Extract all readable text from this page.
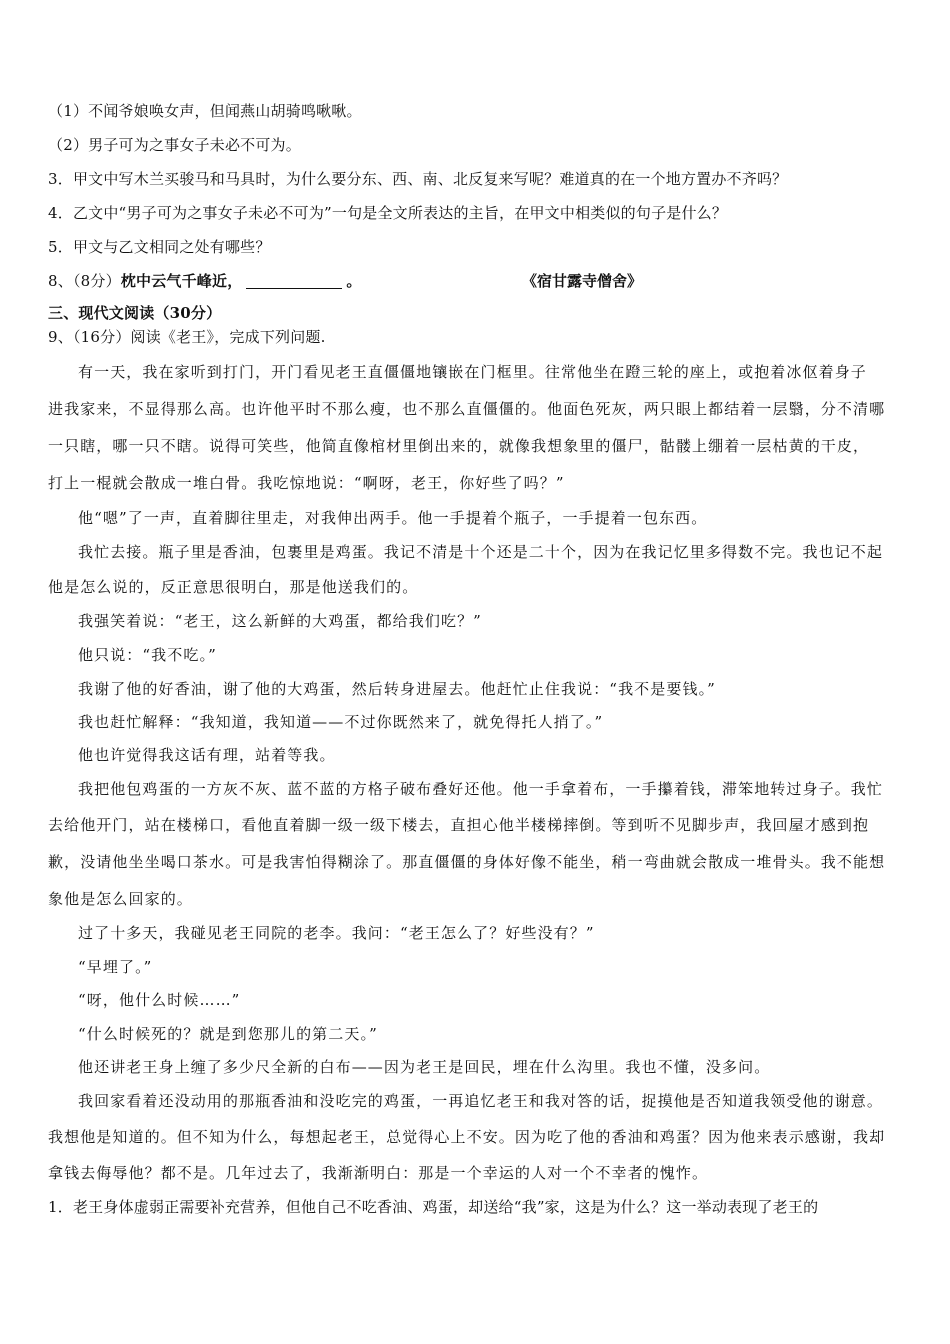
（1）不闻爷娘唤女声，但闻燕山胡骑鸣啾啾。
（2）男子可为之事女子未必不可为。
3．甲文中写木兰买骏马和马具时，为什么要分东、西、南、北反复来写呢？难道真的在一个地方置办不齐吗？
4．乙文中“男子可为之事女子未必不可为”一句是全文所表达的主旨，在甲文中相类似的句子是什么？
5．甲文与乙文相同之处有哪些？
8、（8分）枕中云气千峰近，	。	《宿甘露寺僧舍》
三、现代文阅读（30分）
9、（16分）阅读《老王》，完成下列问题.
有一天，我在家听到打门，开门看见老王直僵僵地镶嵌在门框里。往常他坐在蹬三轮的座上，或抱着冰伛着身子
进我家来，不显得那么高。也许他平时不那么瘦，也不那么直僵僵的。他面色死灰，两只眼上都结着一层翳，分不清哪
一只瞎，哪一只不瞎。说得可笑些，他简直像棺材里倒出来的，就像我想象里的僵尸，骷髅上绷着一层枯黄的干皮，
打上一棍就会散成一堆白骨。我吃惊地说：“啊呀，老王，你好些了吗？”
他“嗯”了一声，直着脚往里走，对我伸出两手。他一手提着个瓶子，一手提着一包东西。
我忙去接。瓶子里是香油，包裹里是鸡蛋。我记不清是十个还是二十个，因为在我记忆里多得数不完。我也记不起
他是怎么说的，反正意思很明白，那是他送我们的。
我强笑着说：“老王，这么新鲜的大鸡蛋，都给我们吃？”
他只说：“我不吃。”
我谢了他的好香油，谢了他的大鸡蛋，然后转身进屋去。他赶忙止住我说：“我不是要钱。”
我也赶忙解释：“我知道，我知道——不过你既然来了，就免得托人捎了。”
他也许觉得我这话有理，站着等我。
我把他包鸡蛋的一方灰不灰、蓝不蓝的方格子破布叠好还他。他一手拿着布，一手攥着钱，滞笨地转过身子。我忙
去给他开门，站在楼梯口，看他直着脚一级一级下楼去，直担心他半楼梯摔倒。等到听不见脚步声，我回屋才感到抱
歉，没请他坐坐喝口茶水。可是我害怕得糊涂了。那直僵僵的身体好像不能坐，稍一弯曲就会散成一堆骨头。我不能想
象他是怎么回家的。
过了十多天，我碰见老王同院的老李。我问：“老王怎么了？好些没有？”
“早埋了。”
“呀，他什么时候……”
“什么时候死的？就是到您那儿的第二天。”
他还讲老王身上缠了多少尺全新的白布——因为老王是回民，埋在什么沟里。我也不懂，没多问。
我回家看着还没动用的那瓶香油和没吃完的鸡蛋，一再追忆老王和我对答的话，捉摸他是否知道我领受他的谢意。
我想他是知道的。但不知为什么，每想起老王，总觉得心上不安。因为吃了他的香油和鸡蛋？因为他来表示感谢，我却
拿钱去侮辱他？都不是。几年过去了，我渐渐明白：那是一个幸运的人对一个不幸者的愧怍。
1．老王身体虚弱正需要补充营养，但他自己不吃香油、鸡蛋，却送给“我”家，这是为什么？这一举动表现了老王的
